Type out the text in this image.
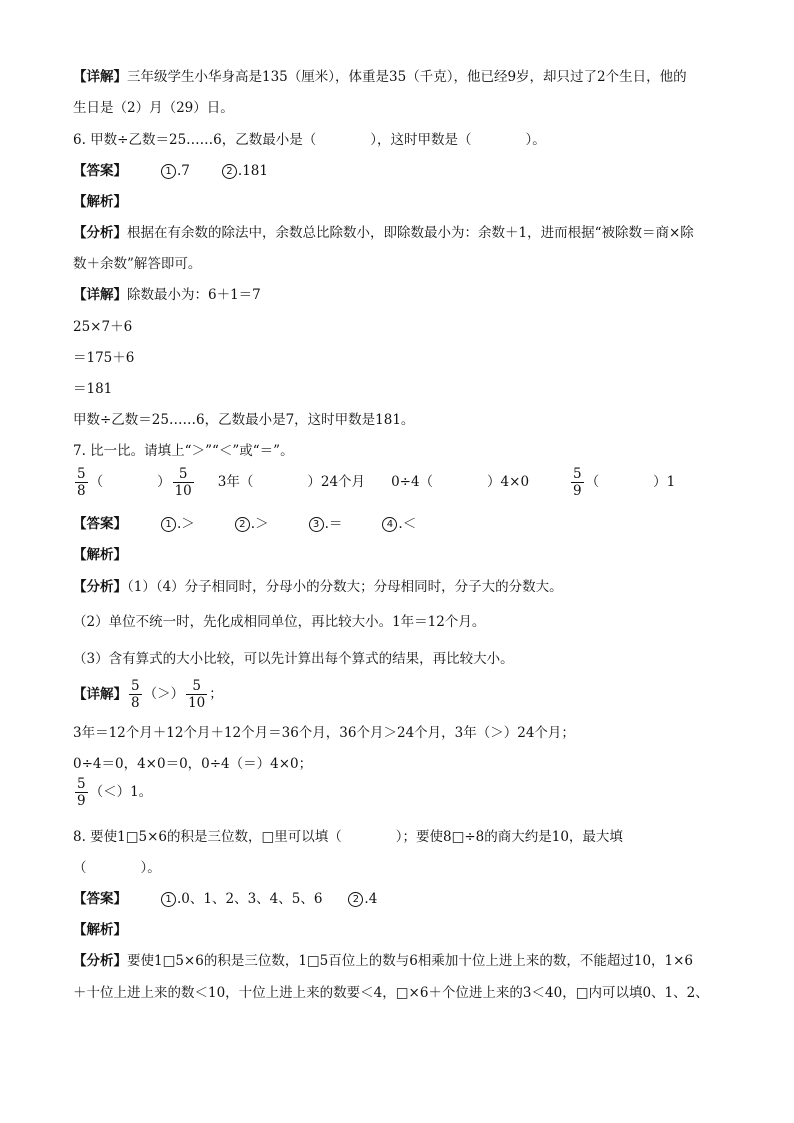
【详解】三年级学生小华身高是135（厘米），体重是35（千克），他已经9岁，却只过了2个生日，他的
生日是（2）月（29）日。
6. 甲数÷乙数＝25……6，乙数最小是（　　　　），这时甲数是（　　　　）。
【答案】	1 .7	2 .181
【解析】
【分析】根据在有余数的除法中，余数总比除数小，即除数最小为：余数＋1，进而根据“被除数＝商×除
数＋余数”解答即可。
【详解】除数最小为：6＋1＝7
25×7＋6
＝175＋6
＝181
甲数÷乙数＝25……6，乙数最小是7，这时甲数是181。
7. 比一比。请填上“＞”“＜”或“＝”。
$\frac{5}{8}$ （　　　　） $\frac{5}{10} 3$年（　　　　）24个月 0÷4（　　　　）4×0	$\frac{5}{9}$ （　　　　）1
【答案】	1 .＞	2 .＞	3 .＝	4 .＜
【解析】
【分析】（1）（4）分子相同时，分母小的分数大；分母相同时，分子大的分数大。
（2）单位不统一时，先化成相同单位，再比较大小。1年＝12个月。
（3）含有算式的大小比较，可以先计算出每个算式的结果，再比较大小。
【详解】 $\frac{5}{8}$ （＞） $\frac{5}{10}$ ；
3年＝12个月＋12个月＋12个月＝36个月，36个月＞24个月，3年（＞）24个月；
0÷4＝0，4×0＝0，0÷4（＝）4×0；
$\frac{5}{9} (<)1$。
8. 要使1□5×6的积是三位数，□里可以填（　　　　）；要使8□÷8的商大约是10，最大填
（　　　　）。
【答案】	1 .0、1、2、3、4、5、6	2 .4
【解析】
【分析】要使1□5×6的积是三位数，1□5百位上的数与6相乘加十位上进上来的数，不能超过10，1×6
＋十位上进上来的数＜10，十位上进上来的数要＜4，□×6＋个位进上来的3＜40，□内可以填0、1、2、
